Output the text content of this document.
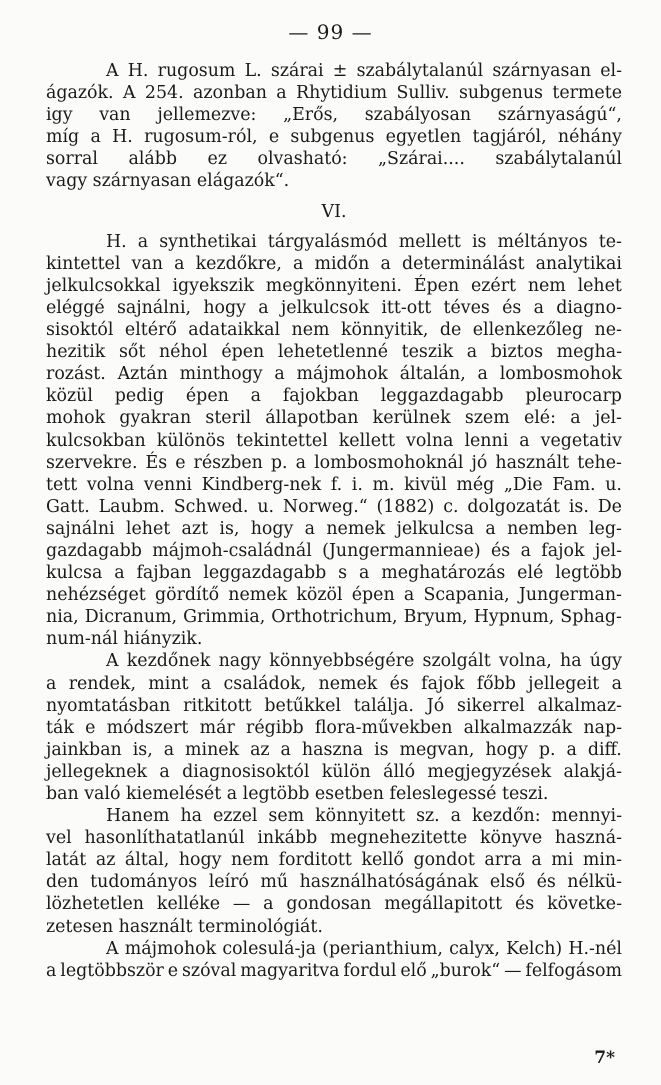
— 99 —
A H. rugosum L. szárai ± szabálytalanúl szárnyasan el-
ágazók. A 254. azonban a Rhytidium Sulliv. subgenus termete
igy van jellemezve: „Erős, szabályosan szárnyaságú“,
míg a H. rugosum-ról, e subgenus egyetlen tagjáról, néhány
sorral alább ez olvasható: „Szárai.... szabálytalanúl
vagy szárnyasan elágazók“.
VI.
H. a synthetikai tárgyalásmód mellett is méltányos te-
kintettel van a kezdőkre, a midőn a determinálást analytikai
jelkulcsokkal igyekszik megkönnyiteni. Épen ezért nem lehet
eléggé sajnálni, hogy a jelkulcsok itt-ott téves és a diagno-
sisoktól eltérő adataikkal nem könnyitik, de ellenkezőleg ne-
hezitik sőt néhol épen lehetetlenné teszik a biztos megha-
rozást. Aztán minthogy a májmohok általán, a lombosmohok
közül pedig épen a fajokban leggazdagabb pleurocarp
mohok gyakran steril állapotban kerülnek szem elé: a jel-
kulcsokban különös tekintettel kellett volna lenni a vegetativ
szervekre. És e részben p. a lombosmohoknál jó használt tehe-
tett volna venni Kindberg-nek f. i. m. kivül még „Die Fam. u.
Gatt. Laubm. Schwed. u. Norweg.“ (1882) c. dolgozatát is. De
sajnálni lehet azt is, hogy a nemek jelkulcsa a nemben leg-
gazdagabb májmoh-családnál (Jungermannieae) és a fajok jel-
kulcsa a fajban leggazdagabb s a meghatározás elé legtöbb
nehézséget gördítő nemek közöl épen a Scapania, Jungerman-
nia, Dicranum, Grimmia, Orthotrichum, Bryum, Hypnum, Sphag-
num-nál hiányzik.
A kezdőnek nagy könnyebbségére szolgált volna, ha úgy
a rendek, mint a családok, nemek és fajok főbb jellegeit a
nyomtatásban ritkitott betűkkel találja. Jó sikerrel alkalmaz-
ták e módszert már régibb flora-művekben alkalmazzák nap-
jainkban is, a minek az a haszna is megvan, hogy p. a diff.
jellegeknek a diagnosisoktól külön álló megjegyzések alakjá-
ban való kiemelését a legtöbb esetben feleslegessé teszi.
Hanem ha ezzel sem könnyitett sz. a kezdőn: mennyi-
vel hasonlíthatatlanúl inkább megnehezitette könyve haszná-
latát az által, hogy nem forditott kellő gondot arra a mi min-
den tudományos leíró mű használhatóságának első és nélkü-
lözhetetlen kelléke — a gondosan megállapitott és követke-
zetesen használt terminológiát.
A májmohok colesulá-ja (perianthium, calyx, Kelch) H.-nél
a legtöbbször e szóval magyaritva fordul elő „burok“ — felfogásom
7*
